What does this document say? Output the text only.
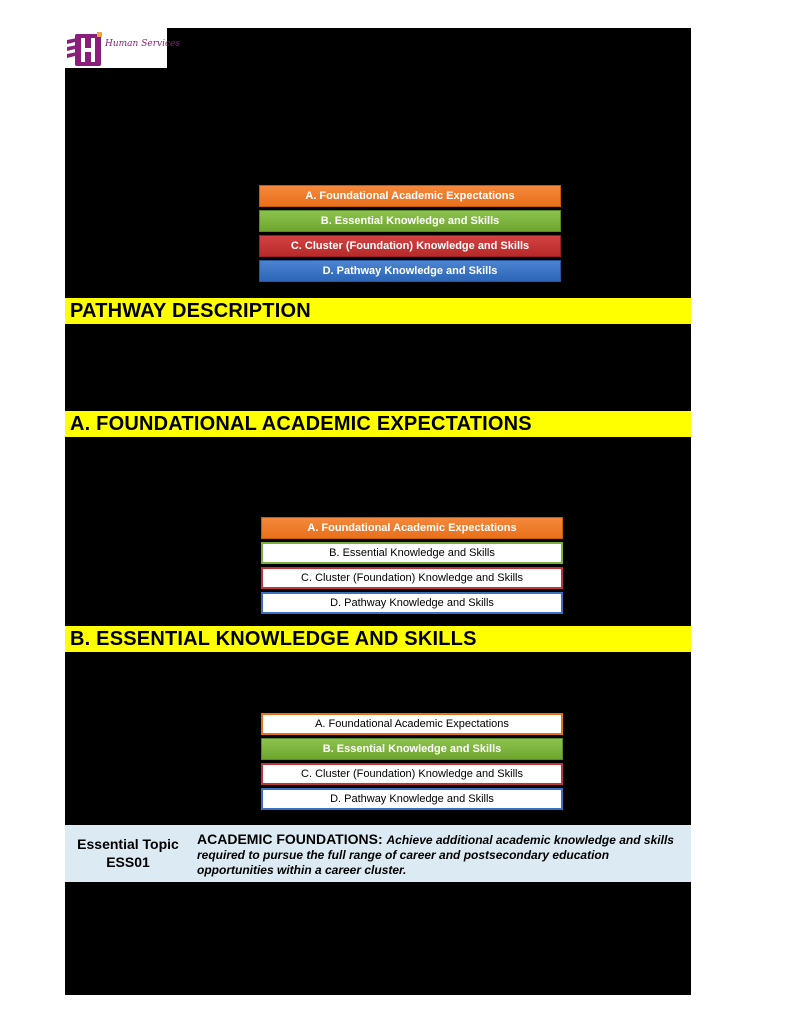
Human Services
A. Foundational Academic Expectations
B. Essential Knowledge and Skills
C. Cluster (Foundation) Knowledge and Skills
D. Pathway Knowledge and Skills
PATHWAY DESCRIPTION
A. FOUNDATIONAL ACADEMIC EXPECTATIONS
A. Foundational Academic Expectations
B. Essential Knowledge and Skills
C. Cluster (Foundation) Knowledge and Skills
D. Pathway Knowledge and Skills
B. ESSENTIAL KNOWLEDGE AND SKILLS
A. Foundational Academic Expectations
B. Essential Knowledge and Skills
C. Cluster (Foundation) Knowledge and Skills
D. Pathway Knowledge and Skills
Essential Topic
ESS01
ACADEMIC FOUNDATIONS: Achieve additional academic knowledge and skills required to pursue the full range of career and postsecondary education opportunities within a career cluster.
